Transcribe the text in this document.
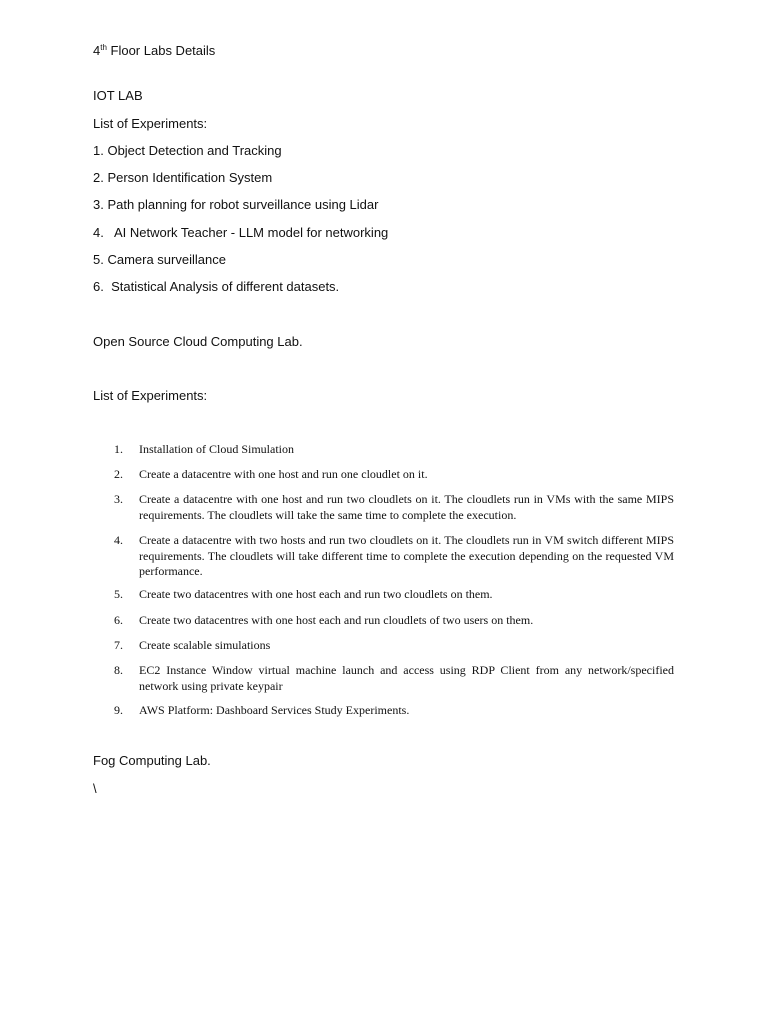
4th Floor Labs Details
IOT LAB
List of Experiments:
1. Object Detection and Tracking
2. Person Identification System
3. Path planning for robot surveillance using Lidar
4.   AI Network Teacher - LLM model for networking
5. Camera surveillance
6.  Statistical Analysis of different datasets.
Open Source Cloud Computing Lab.
List of Experiments:
1.	Installation of Cloud Simulation
2.	Create a datacentre with one host and run one cloudlet on it.
3.	Create a datacentre with one host and run two cloudlets on it. The cloudlets run in VMs with the same MIPS requirements. The cloudlets will take the same time to complete the execution.
4.	Create a datacentre with two hosts and run two cloudlets on it. The cloudlets run in VM switch different MIPS requirements. The cloudlets will take different time to complete the execution depending on the requested VM performance.
5.	Create two datacentres with one host each and run two cloudlets on them.
6.	Create two datacentres with one host each and run cloudlets of two users on them.
7.	Create scalable simulations
8.	EC2 Instance Window virtual machine launch and access using RDP Client from any network/specified network using private keypair
9.	AWS Platform: Dashboard Services Study Experiments.
Fog Computing Lab.
\
